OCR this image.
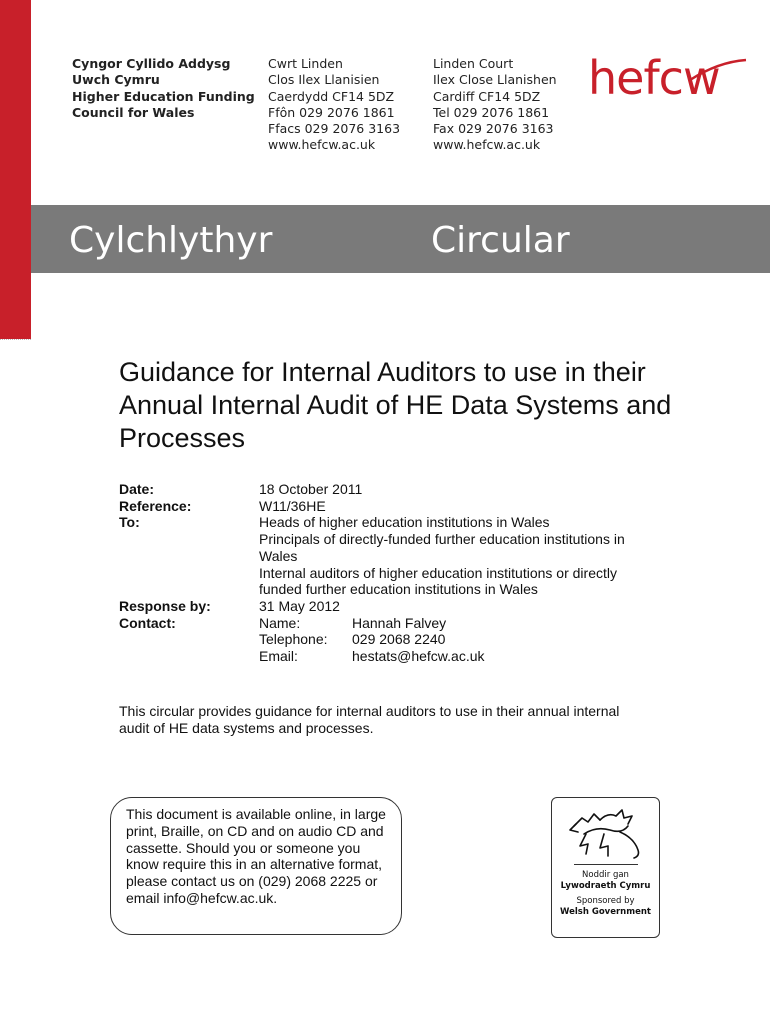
Cyngor Cyllido Addysg
Uwch Cymru
Higher Education Funding
Council for Wales
Cwrt Linden
Clos Ilex Llanisien
Caerdydd CF14 5DZ
Ffôn 029 2076 1861
Ffacs 029 2076 3163
www.hefcw.ac.uk
Linden Court
Ilex Close Llanishen
Cardiff CF14 5DZ
Tel 029 2076 1861
Fax 029 2076 3163
www.hefcw.ac.uk
hefcw
Cylchlythyr	Circular
Guidance for Internal Auditors to use in their Annual Internal Audit of HE Data Systems and Processes
Date:	18 October 2011
Reference:	W11/36HE
To:	Heads of higher education institutions in Wales
Principals of directly-funded further education institutions in Wales
Internal auditors of higher education institutions or directly funded further education institutions in Wales
Response by:	31 May 2012
Contact:	Name:	Hannah Falvey
Telephone: 029 2068 2240
Email:	hestats@hefcw.ac.uk
This circular provides guidance for internal auditors to use in their annual internal audit of HE data systems and processes.
This document is available online, in large print, Braille, on CD and on audio CD and cassette. Should you or someone you know require this in an alternative format, please contact us on (029) 2068 2225 or email info@hefcw.ac.uk.
Noddir gan
Lywodraeth Cymru
Sponsored by
Welsh Government
